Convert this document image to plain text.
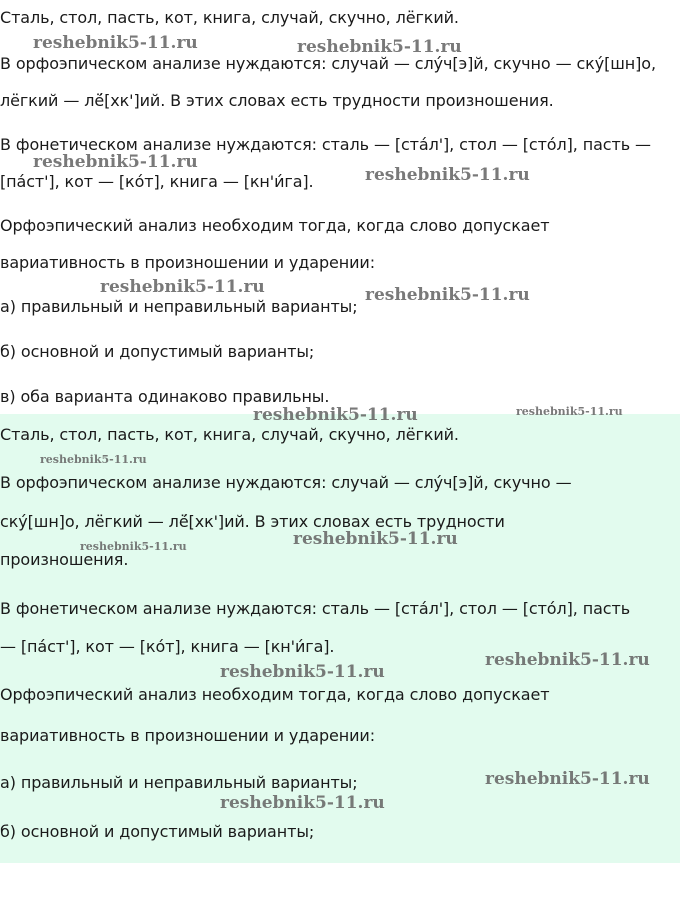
Сталь, стол, пасть, кот, книга, случай, скучно, лёгкий.
В орфоэпическом анализе нуждаются: случай — слу́ч[э]й, скучно — ску́[шн]о,
лёгкий — лё́[хк']ий. В этих словах есть трудности произношения.
В фонетическом анализе нуждаются: сталь — [ста́л'], стол — [сто́л], пасть —
[па́ст'], кот — [ко́т], книга — [кн'и́га].
Орфоэпический анализ необходим тогда, когда слово допускает
вариативность в произношении и ударении:
а) правильный и неправильный варианты;
б) основной и допустимый варианты;
в) оба варианта одинаково правильны.
Сталь, стол, пасть, кот, книга, случай, скучно, лёгкий.
В орфоэпическом анализе нуждаются: случай — слу́ч[э]й, скучно —
ску́[шн]о, лёгкий — лё́[хк']ий. В этих словах есть трудности
произношения.
В фонетическом анализе нуждаются: сталь — [ста́л'], стол — [сто́л], пасть
— [па́ст'], кот — [ко́т], книга — [кн'и́га].
Орфоэпический анализ необходим тогда, когда слово допускает
вариативность в произношении и ударении:
а) правильный и неправильный варианты;
б) основной и допустимый варианты;
reshebnik5-11.ru	reshebnik5-11.ru
reshebnik5-11.ru
reshebnik5-11.ru
reshebnik5-11.ru	reshebnik5-11.ru
reshebnik5-11.ru	reshebnik5-11.ru
reshebnik5-11.ru
reshebnik5-11.ru	reshebnik5-11.ru
reshebnik5-11.ru
reshebnik5-11.ru
reshebnik5-11.ru
reshebnik5-11.ru
